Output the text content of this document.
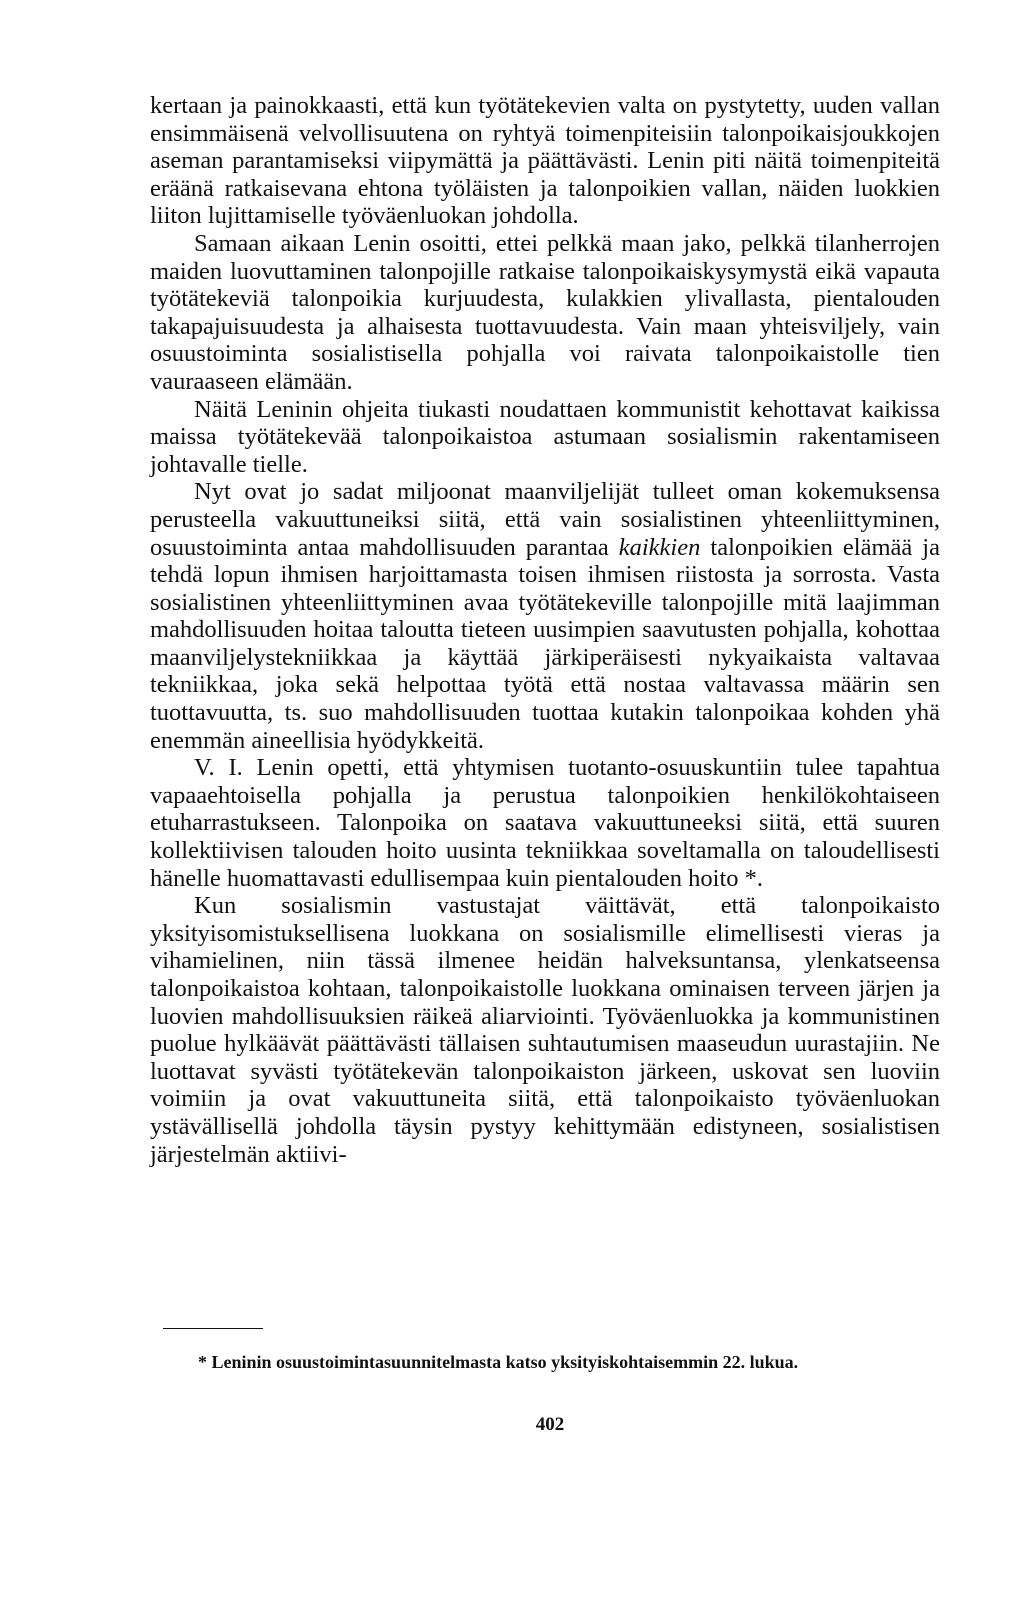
kertaan ja painokkaasti, että kun työtätekevien valta on pystytetty, uuden vallan ensimmäisenä velvollisuutena on ryhtyä toimenpiteisiin talonpoikaisjoukkojen aseman parantamiseksi viipymättä ja päättävästi. Lenin piti näitä toimenpiteitä eräänä ratkaisevana ehtona työläisten ja talonpoikien vallan, näiden luokkien liiton lujittamiselle työväenluokan johdolla.

Samaan aikaan Lenin osoitti, ettei pelkkä maan jako, pelkkä tilanherrojen maiden luovuttaminen talonpojille ratkaise talonpoikaiskysymystä eikä vapauta työtätekeviä talonpoikia kurjuudesta, kulakkien ylivallasta, pientalouden takapajuisuudesta ja alhaisesta tuottavuudesta. Vain maan yhteisviljely, vain osuustoiminta sosialistisella pohjalla voi raivata talonpoikaistolle tien vauraaseen elämään.

Näitä Leninin ohjeita tiukasti noudattaen kommunistit kehottavat kaikissa maissa työtätekevää talonpoikaistoa astumaan sosialismin rakentamiseen johtavalle tielle.

Nyt ovat jo sadat miljoonat maanviljelijät tulleet oman kokemuksensa perusteella vakuuttuneiksi siitä, että vain sosialistinen yhteenliittyminen, osuustoiminta antaa mahdollisuuden parantaa kaikkien talonpoikien elämää ja tehdä lopun ihmisen harjoittamasta toisen ihmisen riistosta ja sorrosta. Vasta sosialistinen yhteenliittyminen avaa työtätekeville talonpojille mitä laajimman mahdollisuuden hoitaa taloutta tieteen uusimpien saavutusten pohjalla, kohottaa maanviljelystekniikkaa ja käyttää järkiperäisesti nykyaikaista valtavaa tekniikkaa, joka sekä helpottaa työtä että nostaa valtavassa määrin sen tuottavuutta, ts. suo mahdollisuuden tuottaa kutakin talonpoikaa kohden yhä enemmän aineellisia hyödykkeitä.

V. I. Lenin opetti, että yhtymisen tuotanto-osuuskuntiin tulee tapahtua vapaaehtoisella pohjalla ja perustua talonpoikien henkilökohtaiseen etuharrastukseen. Talonpoika on saatava vakuuttuneeksi siitä, että suuren kollektiivisen talouden hoito uusinta tekniikkaa soveltamalla on taloudellisesti hänelle huomattavasti edullisempaa kuin pientalouden hoito *.

Kun sosialismin vastustajat väittävät, että talonpoikaisto yksityisomistuksellisena luokkana on sosialismille elimellisesti vieras ja vihamielinen, niin tässä ilmenee heidän halveksuntansa, ylenkatseensa talonpoikaistoa kohtaan, talonpoikaistolle luokkana ominaisen terveen järjen ja luovien mahdollisuuksien räikeä aliarviointi. Työväenluokka ja kommunistinen puolue hylkäävät päättävästi tällaisen suhtautumisen maaseudun uurastajiin. Ne luottavat syvästi työtätekevän talonpoikaiston järkeen, uskovat sen luoviin voimiin ja ovat vakuuttuneita siitä, että talonpoikaisto työväenluokan ystävällisellä johdolla täysin pystyy kehittymään edistyneen, sosialistisen järjestelmän aktiivi-

* Leninin osuustoimintasuunnitelmasta katso yksityiskohtaisemmin 22. lukua.

402
